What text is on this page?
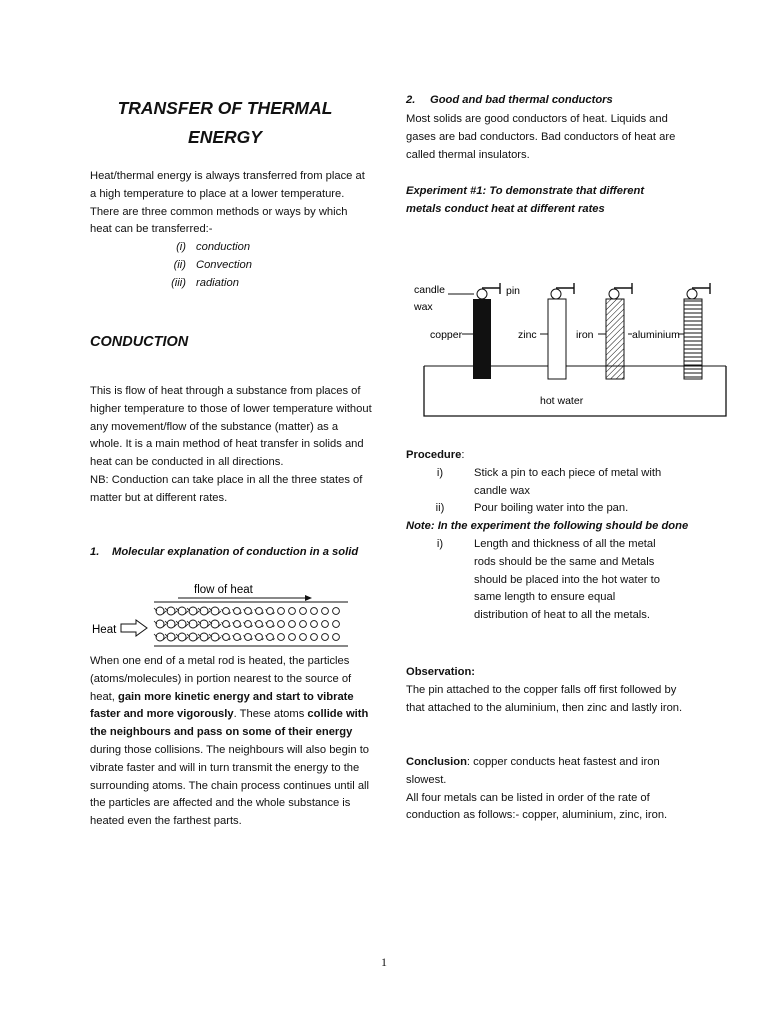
TRANSFER OF THERMAL
ENERGY

Heat/thermal energy is always transferred from place at a high temperature to place at a lower temperature.

There are three common methods or ways by which heat can be transferred:-

(i) conduction
(ii) Convection
(iii) radiation
CONDUCTION

This is flow of heat through a substance from places of higher temperature to those of lower temperature without any movement/flow of the substance (matter) as a whole. It is a main method of heat transfer in solids and heat can be conducted in all directions.

NB: Conduction can take place in all the three states of matter but at different rates.

1.	Molecular explanation of conduction in a solid
flow of heat
Heat

When one end of a metal rod is heated, the particles (atoms/molecules) in portion nearest to the source of heat, gain more kinetic energy and start to vibrate faster and more vigorously. These atoms collide with the neighbours and pass on some of their energy during those collisions. The neighbours will also begin to vibrate faster and will in turn transmit the energy to the surrounding atoms. The chain process continues until all the particles are affected and the whole substance is heated even the farthest parts.

2.	Good and bad thermal conductors
Most solids are good conductors of heat. Liquids and gases are bad conductors. Bad conductors of heat are called thermal insulators.
Experiment #1: To demonstrate that different metals conduct heat at different rates
candle
wax
pin
hot water
copper	zinc	iron	aluminium

Procedure:

i)	Stick a pin to each piece of metal with candle wax
ii)	Pour boiling water into the pan.

Note: In the experiment the following should be done

i)	Length and thickness of all the metal rods should be the same and Metals should be placed into the hot water to same length to ensure equal distribution of heat to all the metals.

Observation:

The pin attached to the copper falls off first followed by that attached to the aluminium, then zinc and lastly iron.

Conclusion: copper conducts heat fastest and iron slowest.

All four metals can be listed in order of the rate of conduction as follows:- copper, aluminium, zinc, iron.

1
